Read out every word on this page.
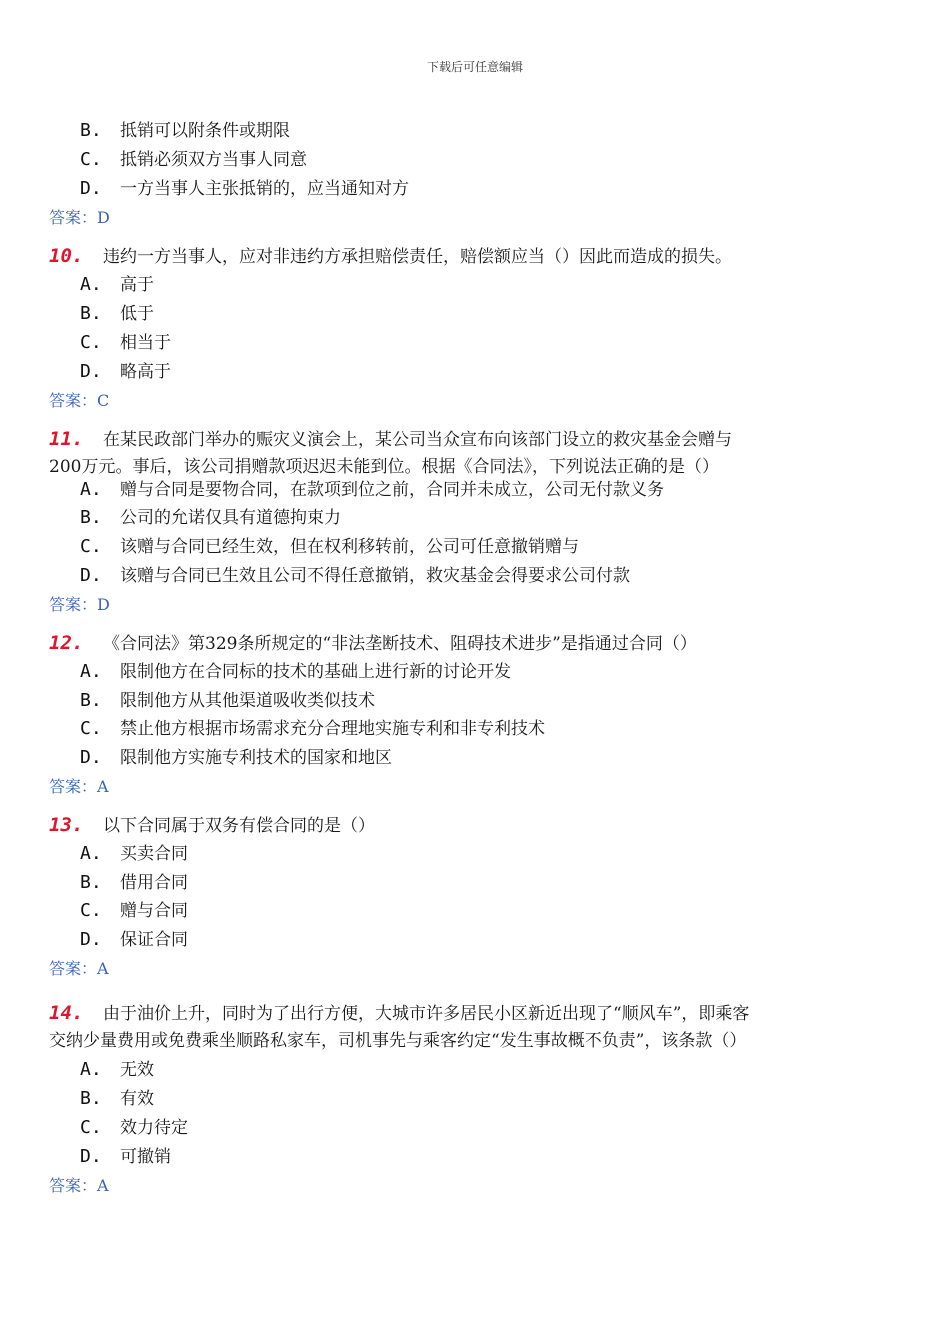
下载后可任意编辑
B. 抵销可以附条件或期限
C. 抵销必须双方当事人同意
D. 一方当事人主张抵销的，应当通知对方
答案：D
10. 违约一方当事人，应对非违约方承担赔偿责任，赔偿额应当（）因此而造成的损失。
A. 高于
B. 低于
C. 相当于
D. 略高于
答案：C
11. 在某民政部门举办的赈灾义演会上，某公司当众宣布向该部门设立的救灾基金会赠与
200万元。事后，该公司捐赠款项迟迟未能到位。根据《合同法》，下列说法正确的是（）
A. 赠与合同是要物合同，在款项到位之前，合同并未成立，公司无付款义务
B. 公司的允诺仅具有道德拘束力
C. 该赠与合同已经生效，但在权利移转前，公司可任意撤销赠与
D. 该赠与合同已生效且公司不得任意撤销，救灾基金会得要求公司付款
答案：D
12. 《合同法》第329条所规定的“非法垄断技术、阻碍技术进步”是指通过合同（）
A. 限制他方在合同标的技术的基础上进行新的讨论开发
B. 限制他方从其他渠道吸收类似技术
C. 禁止他方根据市场需求充分合理地实施专利和非专利技术
D. 限制他方实施专利技术的国家和地区
答案：A
13. 以下合同属于双务有偿合同的是（）
A. 买卖合同
B. 借用合同
C. 赠与合同
D. 保证合同
答案：A
14. 由于油价上升，同时为了出行方便，大城市许多居民小区新近出现了“顺风车”，即乘客
交纳少量费用或免费乘坐顺路私家车，司机事先与乘客约定“发生事故概不负责”，该条款（）
A. 无效
B. 有效
C. 效力待定
D. 可撤销
答案：A
